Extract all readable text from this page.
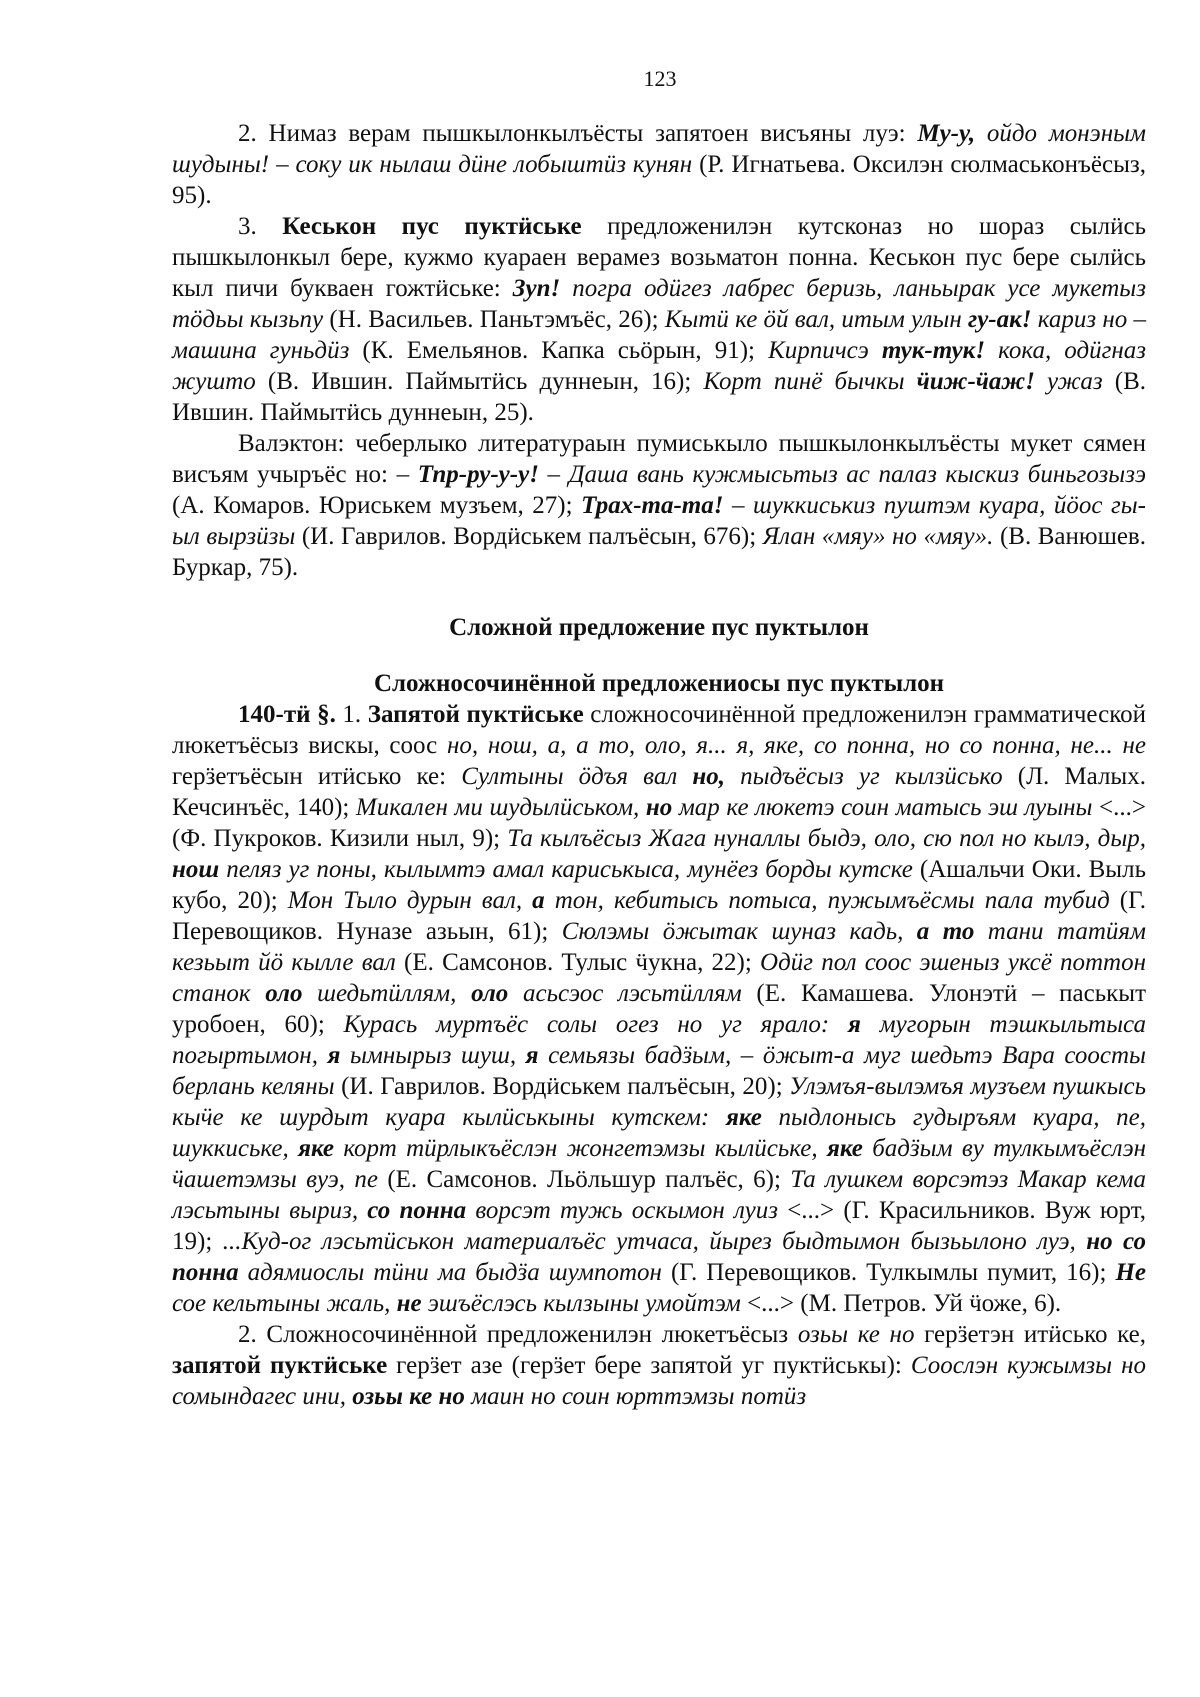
123

2. Нимаз верам пышкылонкылъёсты запятоен висъяны луэ: Му-у, ойдо монэным шудыны! – соку ик нылаш дӥне лобыштӥз кунян (Р. Игнатьева. Оксилэн сюлмаськонъёсыз, 95).

3. Кеськон пус пуктӥське предложенилэн кутсконаз но шораз сылӥсь пышкылонкыл бере, кужмо куараен верамез возьматон понна. Кеськон пус бере сылӥсь кыл пичи букваен гожтӥське: Зуп! погра одӥгез лабрес беризь, ланьырак усе мукетыз тӧдьы кызьпу (Н. Васильев. Паньтэмъёс, 26); Кытӥ ке ӧй вал, итым улын гу-ак! кариз но – машина гуньдӥз (К. Емельянов. Капка сьӧрын, 91); Кирпичсэ тук-тук! кока, одӥгназ жушто (В. Ившин. Паймытӥсь дуннеын, 16); Корт пинё бычкы ӵиж-ӵаж! ужаз (В. Ившин. Паймытӥсь дуннеын, 25).

Валэктон: чеберлыко литератураын пумиськыло пышкылонкылъёсты мукет сямен висъям учыръёс но: – Тпр-ру-у-у! – Даша вань кужмысьтыз ас палаз кыскиз биньгозызэ (А. Комаров. Юриськем музъем, 27); Трах-та-та! – шуккиськиз пуштэм куара, йӧос гы-ыл вырзӥзы (И. Гаврилов. Вордӥськем палъёсын, 676); Ялан «мяу» но «мяу». (В. Ванюшев. Буркар, 75).

Сложной предложение пус пуктылон
Сложносочинённой предложениосы пус пуктылон

140-тӥ §. 1. Запятой пуктӥське сложносочинённой предложенилэн грамматической люкетъёсыз вискы, соос но, нош, а, а то, оло, я... я, яке, со понна, но со понна, не... не герӟетъёсын итӥсько ке: Султыны ӧдъя вал но, пыдъёсыз уг кылзӥсько (Л. Малых. Кечсинъёс, 140); Микален ми шудылӥськом, но мар ке люкетэ соин матысь эш луыны <...> (Ф. Пукроков. Кизили ныл, 9); Та кылъёсыз Жага нуналлы быдэ, оло, сю пол но кылэ, дыр, нош пеляз уг поны, кылымтэ амал кариськыса, мунёез борды кутске (Ашальчи Оки. Выль кубо, 20); Мон Тыло дурын вал, а тон, кебитысь потыса, пужымъёсмы пала тубид (Г. Перевощиков. Нуназе азьын, 61); Сюлэмы ӧжытак шуназ кадь, а то тани татӥям кезьыт йӧ кылле вал (Е. Самсонов. Тулыс ӵукна, 22); Одӥг пол соос эшеныз уксё поттон станок оло шедьтӥллям, оло асьсэос лэсьтӥллям (Е. Камашева. Улонэтӥ – паськыт уробоен, 60); Курась муртъёс солы огез но уг ярало: я мугорын тэшкыльтыса погыртымон, я ымнырыз шуш, я семьязы бадӟым, – ӧжыт-а муг шедьтэ Вара соосты берлань келяны (И. Гаврилов. Вордӥськем палъёсын, 20); Улэмъя-вылэмъя музъем пушкысь кыӵе ке шурдыт куара кылӥськыны кутскем: яке пыдлонысь гудыръям куара, пе, шуккиське, яке корт тӥрлыкъёслэн жонгетэмзы кылӥське, яке бадӟым ву тулкымъёслэн ӵашетэмзы вуэ, пе (Е. Самсонов. Льӧльшур палъёс, 6); Та лушкем ворсэтэз Макар кема лэсьтыны выриз, со понна ворсэт тужь оскымон луиз <...> (Г. Красильников. Вуж юрт, 19); ...Куд-ог лэсьтӥськон материалъёс утчаса, йырез быдтымон бызьылоно луэ, но со понна адямиослы тӥни ма быдӟа шумпотон (Г. Перевощиков. Тулкымлы пумит, 16); Не сое кельтыны жаль, не эшъёслэсь кылзыны умойтэм <...> (М. Петров. Уй ӵоже, 6).

2. Сложносочинённой предложенилэн люкетъёсыз озьы ке но герӟетэн итӥсько ке, запятой пуктӥське герӟет азе (герӟет бере запятой уг пуктӥськы): Соослэн кужымзы но сомындагес ини, озьы ке но маин но соин юрттэмзы потӥз
